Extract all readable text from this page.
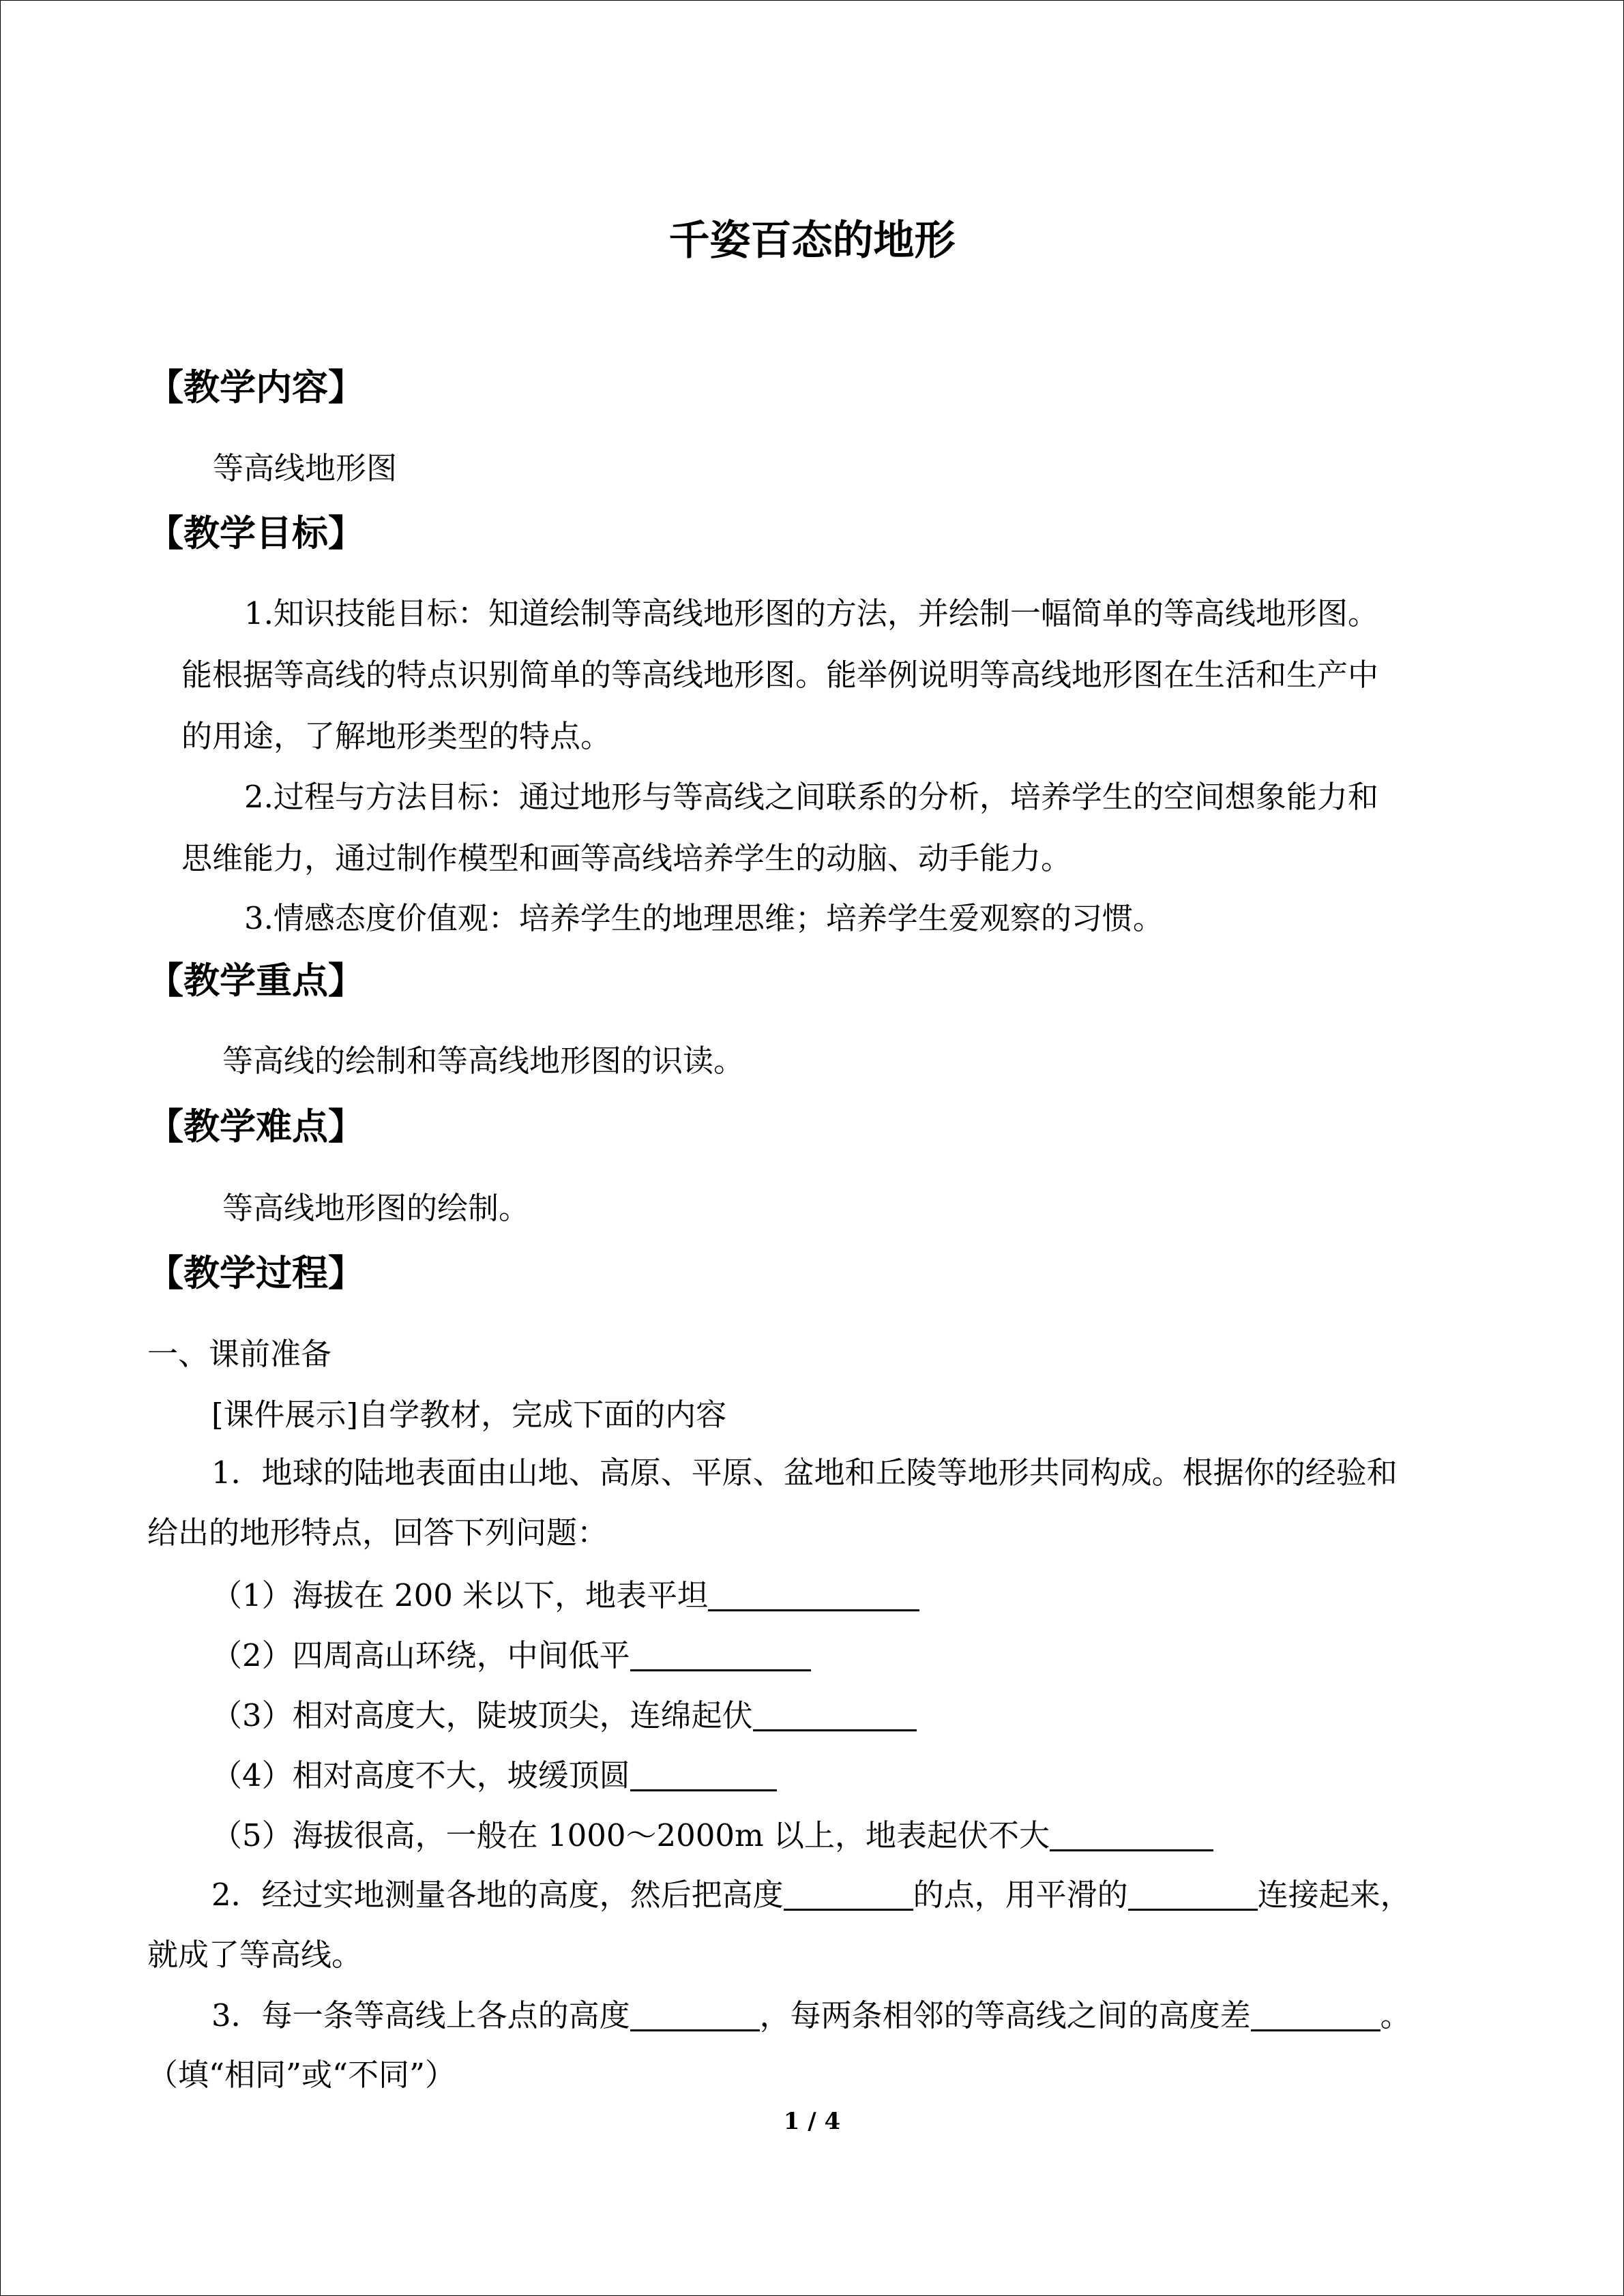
千姿百态的地形
【教学内容】
等高线地形图
【教学目标】
1.知识技能目标：知道绘制等高线地形图的方法，并绘制一幅简单的等高线地形图。
能根据等高线的特点识别简单的等高线地形图。能举例说明等高线地形图在生活和生产中
的用途，了解地形类型的特点。
2.过程与方法目标：通过地形与等高线之间联系的分析，培养学生的空间想象能力和
思维能力，通过制作模型和画等高线培养学生的动脑、动手能力。
3.情感态度价值观：培养学生的地理思维；培养学生爱观察的习惯。
【教学重点】
等高线的绘制和等高线地形图的识读。
【教学难点】
等高线地形图的绘制。
【教学过程】
一、课前准备
[课件展示]自学教材，完成下面的内容
1．地球的陆地表面由山地、高原、平原、盆地和丘陵等地形共同构成。根据你的经验和
给出的地形特点，回答下列问题：
（1）海拔在 200 米以下，地表平坦
（2）四周高山环绕，中间低平
（3）相对高度大，陡坡顶尖，连绵起伏
（4）相对高度不大，坡缓顶圆
（5）海拔很高，一般在 1000～2000m 以上，地表起伏不大
2．经过实地测量各地的高度，然后把高度	的点，用平滑的	连接起来，
就成了等高线。
3．每一条等高线上各点的高度	，每两条相邻的等高线之间的高度差	。
（填“相同”或“不同”）
1 / 4
